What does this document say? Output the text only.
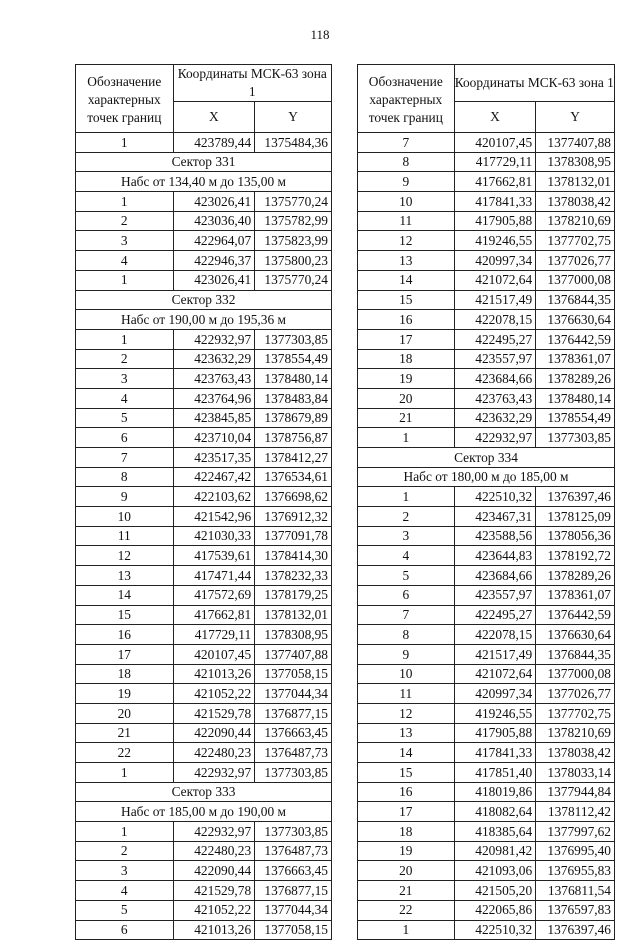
118
Обозначение характерных точек границ	Координаты МСК-63 зона 1	
	X	Y
1	423789,44	1375484,36
Сектор 331		
Набс от 134,40 м до 135,00 м		
1	423026,41	1375770,24
2	423036,40	1375782,99
3	422964,07	1375823,99
4	422946,37	1375800,23
1	423026,41	1375770,24
Сектор 332		
Набс от 190,00 м до 195,36 м		
1	422932,97	1377303,85
2	423632,29	1378554,49
3	423763,43	1378480,14
4	423764,96	1378483,84
5	423845,85	1378679,89
6	423710,04	1378756,87
7	423517,35	1378412,27
8	422467,42	1376534,61
9	422103,62	1376698,62
10	421542,96	1376912,32
11	421030,33	1377091,78
12	417539,61	1378414,30
13	417471,44	1378232,33
14	417572,69	1378179,25
15	417662,81	1378132,01
16	417729,11	1378308,95
17	420107,45	1377407,88
18	421013,26	1377058,15
19	421052,22	1377044,34
20	421529,78	1376877,15
21	422090,44	1376663,45
22	422480,23	1376487,73
1	422932,97	1377303,85
Сектор 333		
Набс от 185,00 м до 190,00 м		
1	422932,97	1377303,85
2	422480,23	1376487,73
3	422090,44	1376663,45
4	421529,78	1376877,15
5	421052,22	1377044,34
6	421013,26	1377058,15
Обозначение характерных точек границ	Координаты МСК-63 зона 1	
	X	Y
7	420107,45	1377407,88
8	417729,11	1378308,95
9	417662,81	1378132,01
10	417841,33	1378038,42
11	417905,88	1378210,69
12	419246,55	1377702,75
13	420997,34	1377026,77
14	421072,64	1377000,08
15	421517,49	1376844,35
16	422078,15	1376630,64
17	422495,27	1376442,59
18	423557,97	1378361,07
19	423684,66	1378289,26
20	423763,43	1378480,14
21	423632,29	1378554,49
1	422932,97	1377303,85
Сектор 334		
Набс от 180,00 м до 185,00 м		
1	422510,32	1376397,46
2	423467,31	1378125,09
3	423588,56	1378056,36
4	423644,83	1378192,72
5	423684,66	1378289,26
6	423557,97	1378361,07
7	422495,27	1376442,59
8	422078,15	1376630,64
9	421517,49	1376844,35
10	421072,64	1377000,08
11	420997,34	1377026,77
12	419246,55	1377702,75
13	417905,88	1378210,69
14	417841,33	1378038,42
15	417851,40	1378033,14
16	418019,86	1377944,84
17	418082,64	1378112,42
18	418385,64	1377997,62
19	420981,42	1376995,40
20	421093,06	1376955,83
21	421505,20	1376811,54
22	422065,86	1376597,83
1	422510,32	1376397,46
